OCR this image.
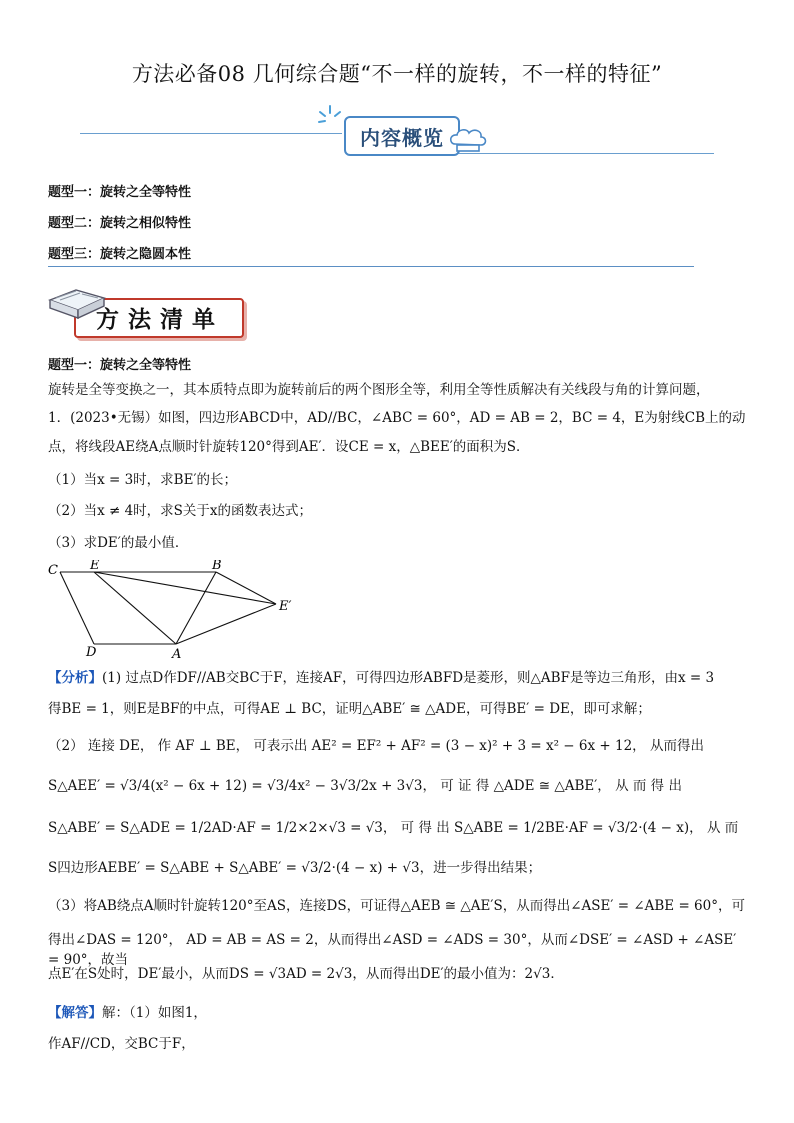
方法必备08 几何综合题“不一样的旋转，不一样的特征”
内容概览
题型一：旋转之全等特性
题型二：旋转之相似特性
题型三：旋转之隐圆本性
方法清单
题型一：旋转之全等特性
旋转是全等变换之一，其本质特点即为旋转前后的两个图形全等，利用全等性质解决有关线段与角的计算问题，
1．(2023•无锡）如图，四边形ABCD中，AD//BC，∠ABC = 60°，AD = AB = 2，BC = 4，E为射线CB上的动
点，将线段AE绕A点顺时针旋转120°得到AE′．设CE = x，△BEE′的面积为S．
（1）当x = 3时，求BE′的长；
（2）当x ≠ 4时，求S关于x的函数表达式；
（3）求DE′的最小值．
C E	B
E′
D	A
【分析】(1) 过点D作DF//AB交BC于F，连接AF，可得四边形ABFD是菱形，则△ABF是等边三角形，由x = 3
得BE = 1，则E是BF的中点，可得AE ⊥ BC，证明△ABE′ ≅ △ADE，可得BE′ = DE，即可求解；
（2） 连接 DE， 作 AF ⊥ BE， 可表示出 AE² = EF² + AF² = (3 − x)² + 3 = x² − 6x + 12， 从而得出
S△AEE′ = √3/4(x² − 6x + 12) = √3/4x² − 3√3/2x + 3√3， 可 证 得 △ADE ≅ △ABE′， 从 而 得 出
S△ABE′ = S△ADE = 1/2AD·AF = 1/2×2×√3 = √3， 可 得 出 S△ABE = 1/2BE·AF = √3/2·(4 − x)， 从 而
S四边形AEBE′ = S△ABE + S△ABE′ = √3/2·(4 − x) + √3，进一步得出结果；
（3）将AB绕点A顺时针旋转120°至AS，连接DS，可证得△AEB ≅ △AE′S，从而得出∠ASE′ = ∠ABE = 60°，可
得出∠DAS = 120°， AD = AB = AS = 2，从而得出∠ASD = ∠ADS = 30°，从而∠DSE′ = ∠ASD + ∠ASE′ = 90°，故当
点E′在S处时，DE′最小，从而DS = √3AD = 2√3，从而得出DE′的最小值为：2√3．
【解答】解：（1）如图1，
作AF//CD，交BC于F，
